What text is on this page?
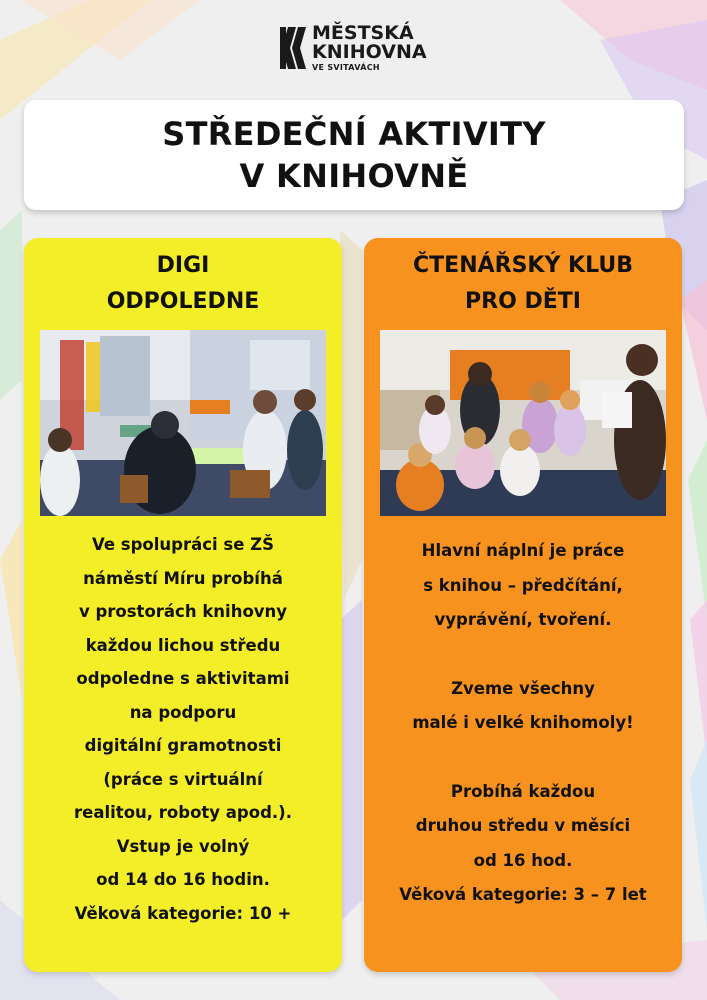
MĚSTSKÁ
KNIHOVNA
VE SVITAVÁCH
STŘEDEČNÍ AKTIVITY
V KNIHOVNĚ
DIGI
ODPOLEDNE

Ve spolupráci se ZŠ

náměstí Míru probíhá

v prostorách knihovny

každou lichou středu

odpoledne s aktivitami

na podporu

digitální gramotnosti

(práce s virtuální

realitou, roboty apod.).

Vstup je volný

od 14 do 16 hodin.

Věková kategorie: 10 +

ČTENÁŘSKÝ KLUB
PRO DĚTI

Hlavní náplní je práce

s knihou – předčítání,

vyprávění, tvoření.

Zveme všechny

malé i velké knihomoly!

Probíhá každou

druhou středu v měsíci

od 16 hod.

Věková kategorie: 3 – 7 let
